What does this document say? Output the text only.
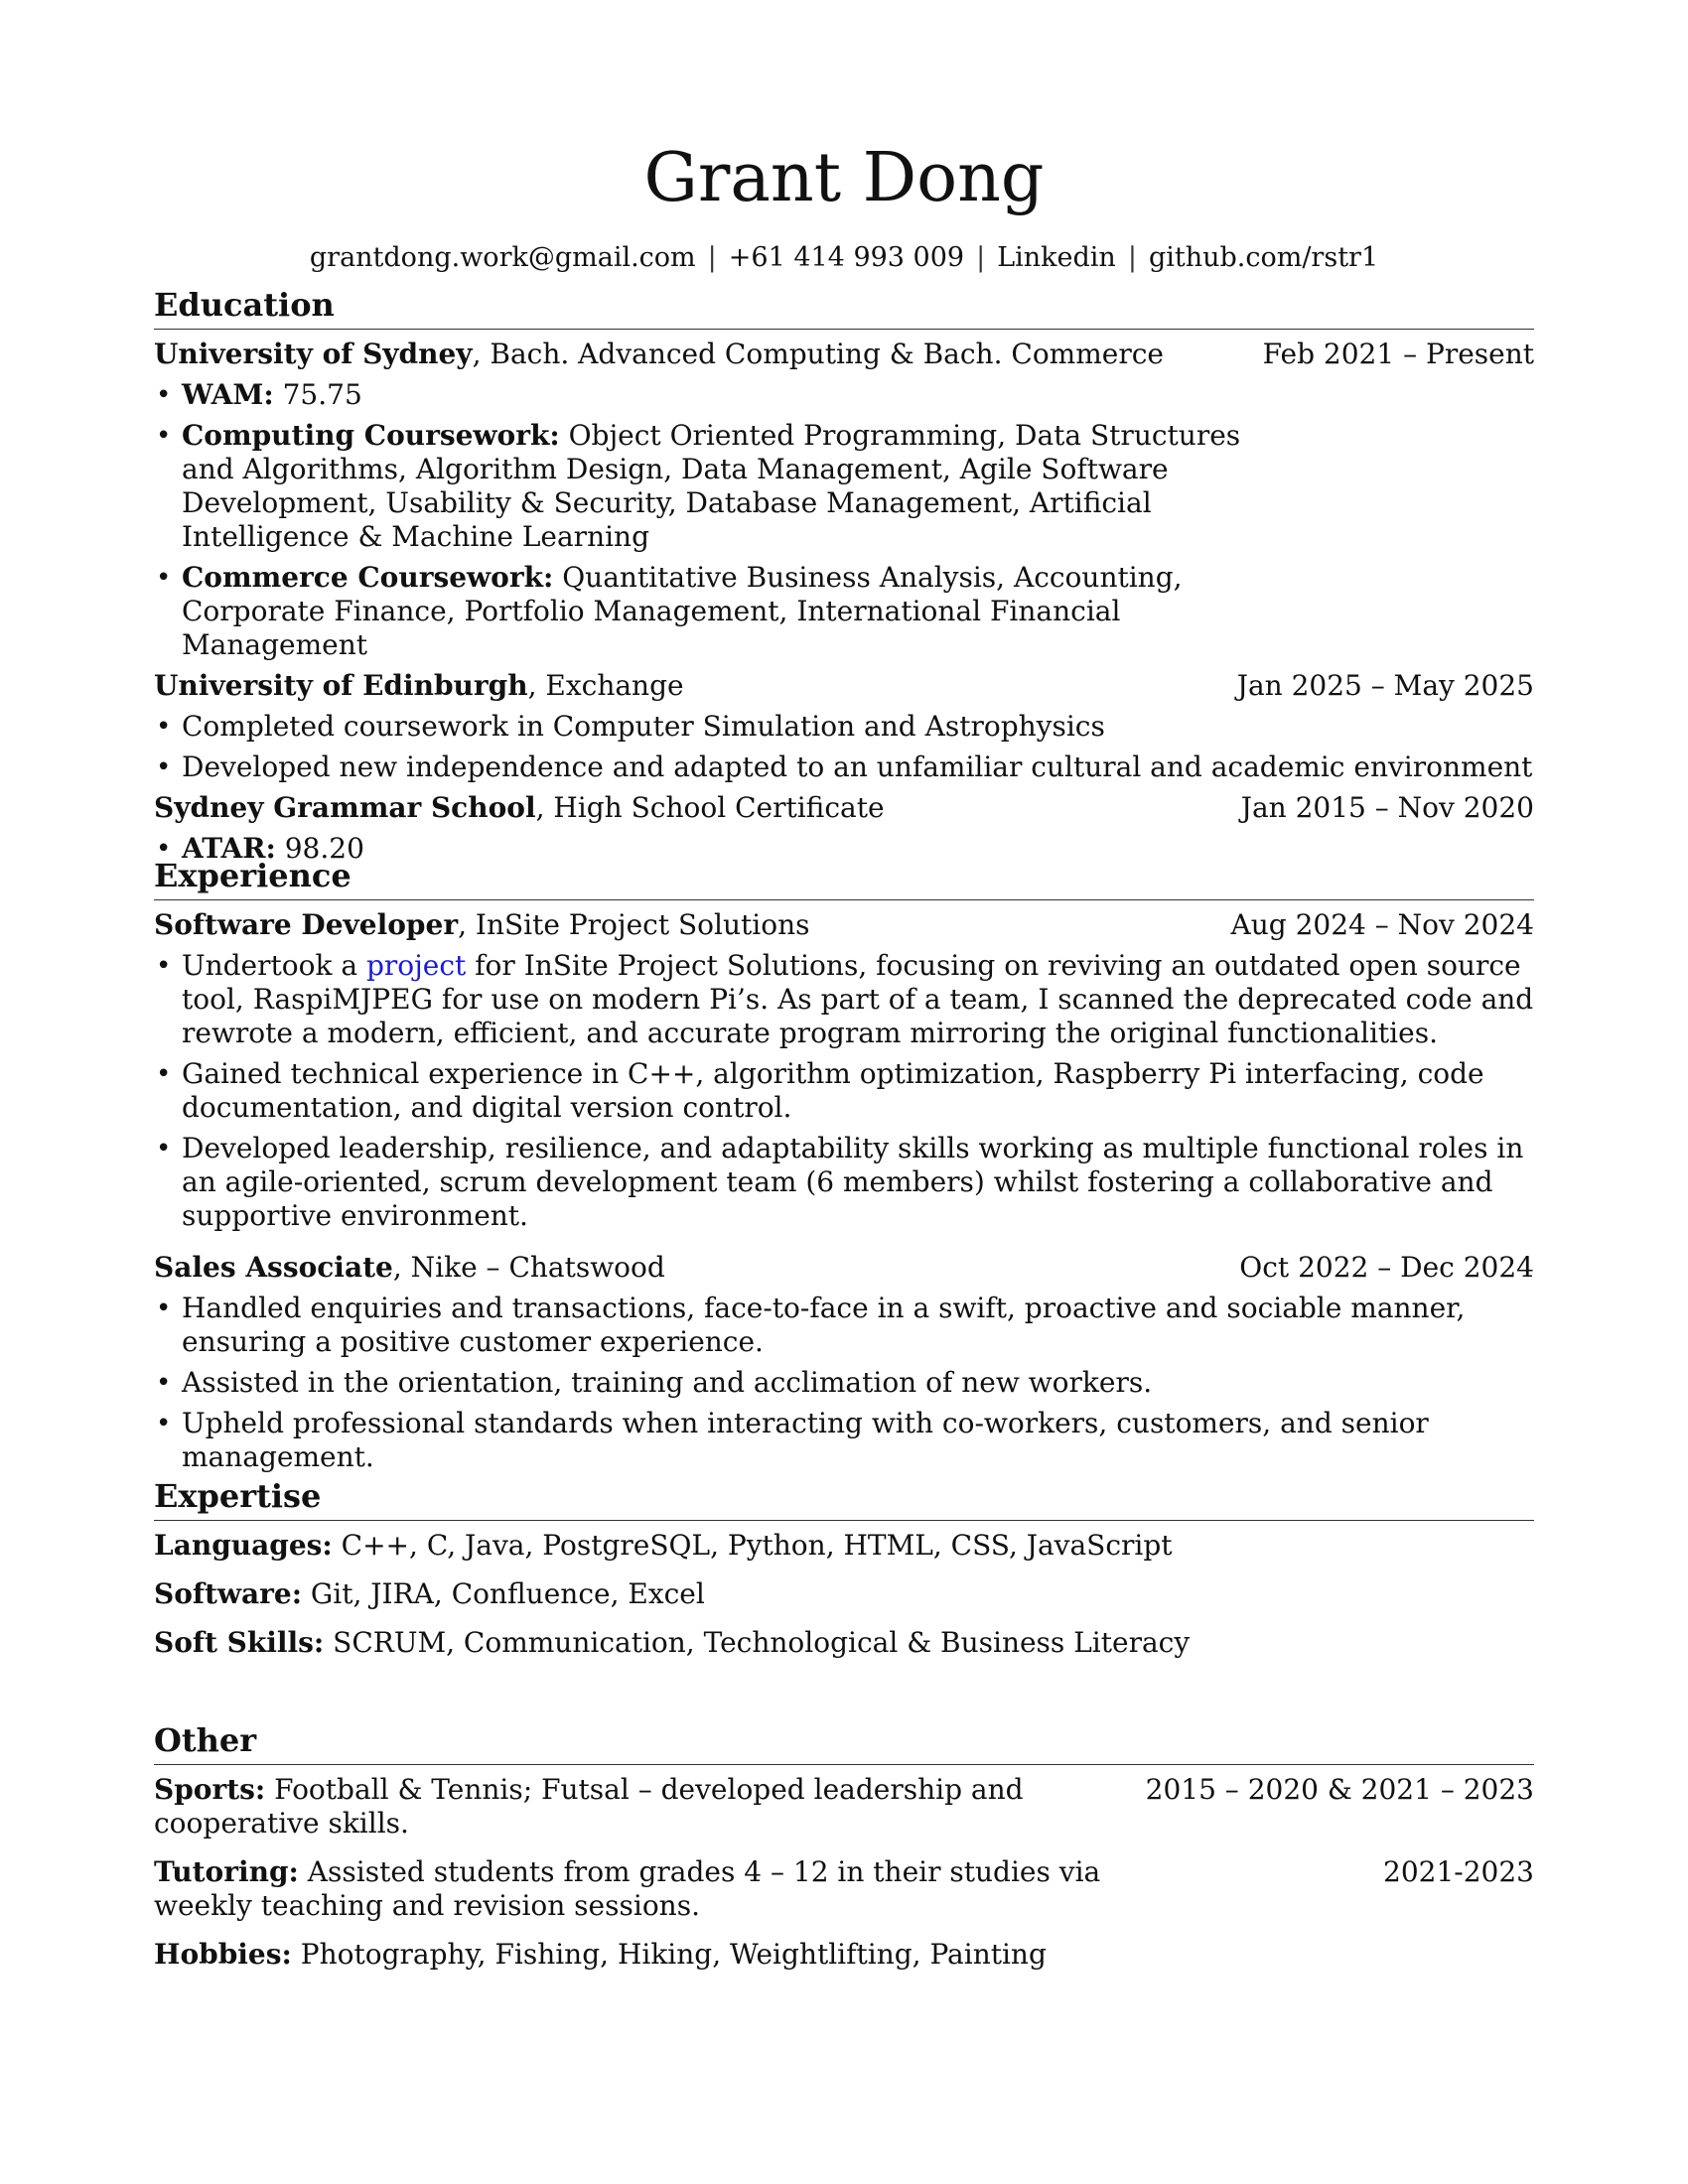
Grant Dong
grantdong.work@gmail.com | +61 414 993 009 | Linkedin | github.com/rstr1
Education
University of Sydney, Bach. Advanced Computing & Bach. Commerce	Feb 2021 – Present
• WAM: 75.75
• Computing Coursework: Object Oriented Programming, Data Structures and Algorithms, Algorithm Design, Data Management, Agile Software Development, Usability & Security, Database Management, Artificial Intelligence & Machine Learning
• Commerce Coursework: Quantitative Business Analysis, Accounting, Corporate Finance, Portfolio Management, International Financial Management
University of Edinburgh, Exchange	Jan 2025 – May 2025
• Completed coursework in Computer Simulation and Astrophysics
• Developed new independence and adapted to an unfamiliar cultural and academic environment
Sydney Grammar School, High School Certificate	Jan 2015 – Nov 2020
• ATAR: 98.20
Experience
Software Developer, InSite Project Solutions	Aug 2024 – Nov 2024
• Undertook a project for InSite Project Solutions, focusing on reviving an outdated open source tool, RaspiMJPEG for use on modern Pi’s. As part of a team, I scanned the deprecated code and rewrote a modern, efficient, and accurate program mirroring the original functionalities.
• Gained technical experience in C++, algorithm optimization, Raspberry Pi interfacing, code documentation, and digital version control.
• Developed leadership, resilience, and adaptability skills working as multiple functional roles in an agile-oriented, scrum development team (6 members) whilst fostering a collaborative and supportive environment.
Sales Associate, Nike – Chatswood	Oct 2022 – Dec 2024
• Handled enquiries and transactions, face-to-face in a swift, proactive and sociable manner, ensuring a positive customer experience.
• Assisted in the orientation, training and acclimation of new workers.
• Upheld professional standards when interacting with co-workers, customers, and senior management.
Expertise
Languages: C++, C, Java, PostgreSQL, Python, HTML, CSS, JavaScript
Software: Git, JIRA, Confluence, Excel
Soft Skills: SCRUM, Communication, Technological & Business Literacy
Other
Sports: Football & Tennis; Futsal – developed leadership and cooperative skills.
2015 – 2020 & 2021 – 2023
Tutoring: Assisted students from grades 4 – 12 in their studies via weekly teaching and revision sessions.
2021-2023
Hobbies: Photography, Fishing, Hiking, Weightlifting, Painting
